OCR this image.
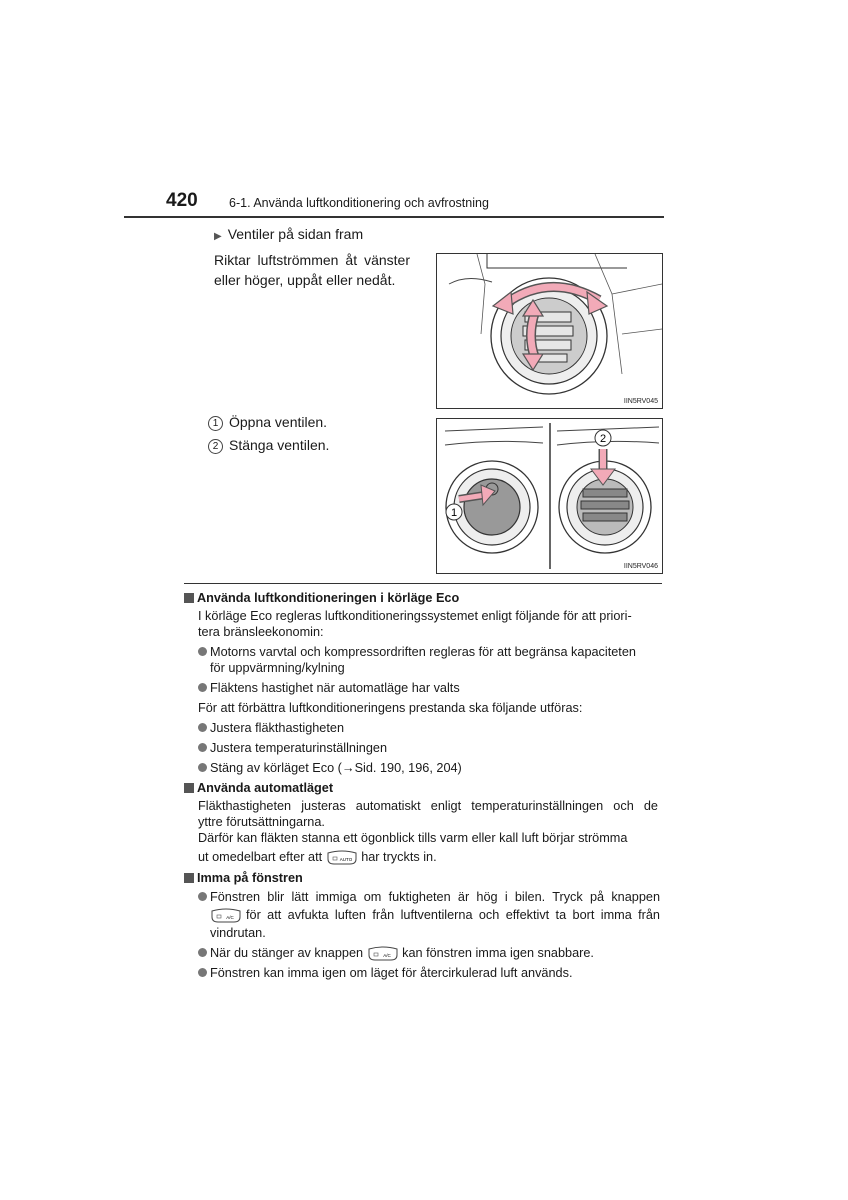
420	6-1. Använda luftkonditionering och avfrostning
▶ Ventiler på sidan fram
Riktar luftströmmen åt vänster eller höger, uppåt eller nedåt.
IIN5RV045
1 Öppna ventilen.
2 Stänga ventilen.
1
2
IIN5RV046
Använda luftkonditioneringen i körläge Eco
I körläge Eco regleras luftkonditioneringssystemet enligt följande för att priori-
tera bränsleekonomin:
Motorns varvtal och kompressordriften regleras för att begränsa kapaciteten
för uppvärmning/kylning
Fläktens hastighet när automatläge har valts
För att förbättra luftkonditioneringens prestanda ska följande utföras:
Justera fläkthastigheten
Justera temperaturinställningen
Stäng av körläget Eco (→Sid. 190, 196, 204)
Använda automatläget
Fläkthastigheten justeras automatiskt enligt temperaturinställningen och de
yttre förutsättningarna.
Därför kan fläkten stanna ett ögonblick tills varm eller kall luft börjar strömma
ut omedelbart efter att	AUTO har tryckts in.
Imma på fönstren
Fönstren blir lätt immiga om fuktigheten är hög i bilen. Tryck på knappen
A/C för att avfukta luften från luftventilerna och effektivt ta bort imma från
vindrutan.
När du stänger av knappen	A/C kan fönstren imma igen snabbare.
Fönstren kan imma igen om läget för återcirkulerad luft används.
